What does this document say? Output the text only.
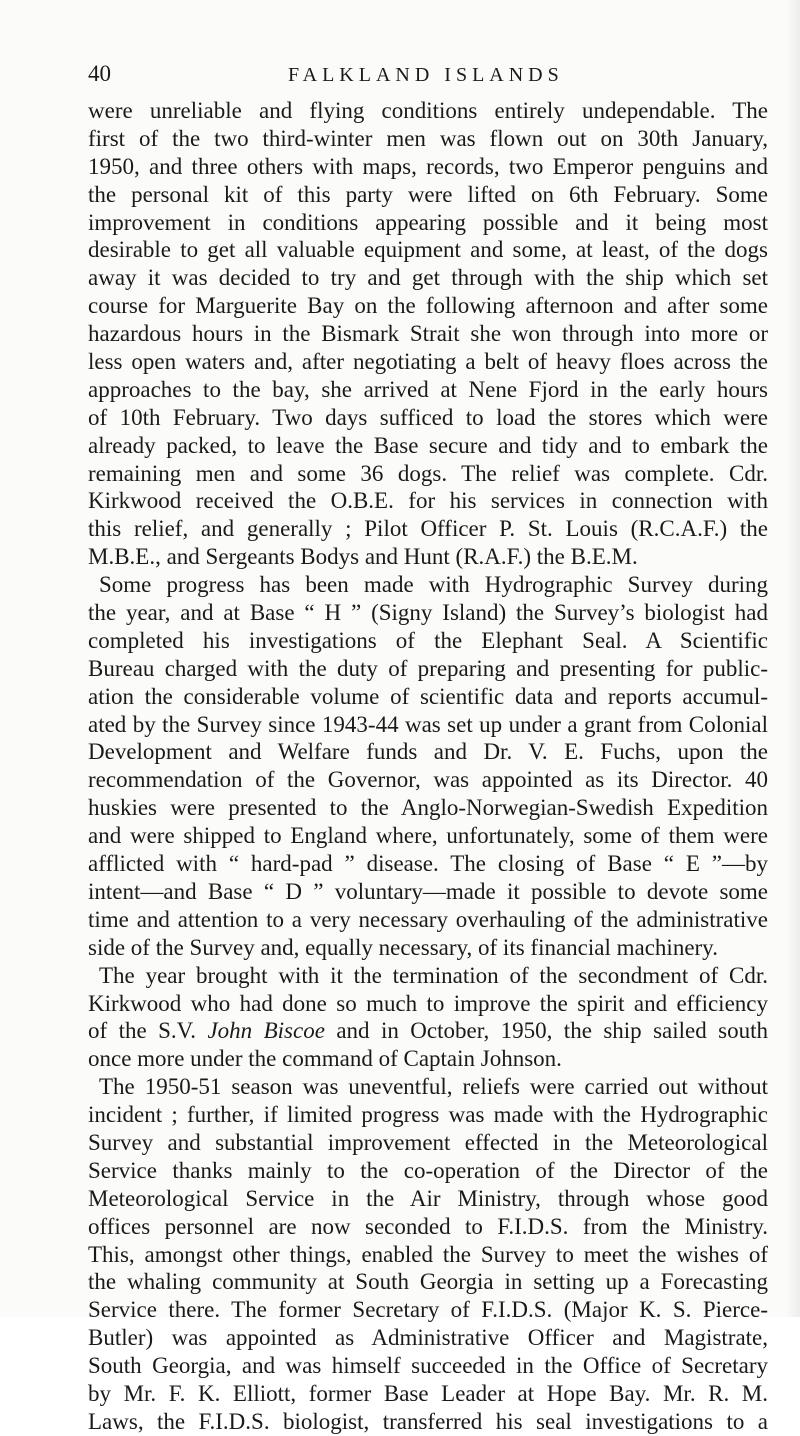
40	FALKLAND ISLANDS
were unreliable and flying conditions entirely undependable. The
first of the two third-winter men was flown out on 30th January,
1950, and three others with maps, records, two Emperor penguins and
the personal kit of this party were lifted on 6th February. Some
improvement in conditions appearing possible and it being most
desirable to get all valuable equipment and some, at least, of the dogs
away it was decided to try and get through with the ship which set
course for Marguerite Bay on the following afternoon and after some
hazardous hours in the Bismark Strait she won through into more or
less open waters and, after negotiating a belt of heavy floes across the
approaches to the bay, she arrived at Nene Fjord in the early hours
of 10th February. Two days sufficed to load the stores which were
already packed, to leave the Base secure and tidy and to embark the
remaining men and some 36 dogs. The relief was complete. Cdr.
Kirkwood received the O.B.E. for his services in connection with
this relief, and generally ; Pilot Officer P. St. Louis (R.C.A.F.) the
M.B.E., and Sergeants Bodys and Hunt (R.A.F.) the B.E.M.
Some progress has been made with Hydrographic Survey during
the year, and at Base “ H ” (Signy Island) the Survey’s biologist had
completed his investigations of the Elephant Seal. A Scientific
Bureau charged with the duty of preparing and presenting for public-
ation the considerable volume of scientific data and reports accumul-
ated by the Survey since 1943-44 was set up under a grant from Colonial
Development and Welfare funds and Dr. V. E. Fuchs, upon the
recommendation of the Governor, was appointed as its Director. 40
huskies were presented to the Anglo-Norwegian-Swedish Expedition
and were shipped to England where, unfortunately, some of them were
afflicted with “ hard-pad ” disease. The closing of Base “ E ”—by
intent—and Base “ D ” voluntary—made it possible to devote some
time and attention to a very necessary overhauling of the administrative
side of the Survey and, equally necessary, of its financial machinery.
The year brought with it the termination of the secondment of Cdr.
Kirkwood who had done so much to improve the spirit and efficiency
of the S.V. John Biscoe and in October, 1950, the ship sailed south
once more under the command of Captain Johnson.
The 1950-51 season was uneventful, reliefs were carried out without
incident ; further, if limited progress was made with the Hydrographic
Survey and substantial improvement effected in the Meteorological
Service thanks mainly to the co-operation of the Director of the
Meteorological Service in the Air Ministry, through whose good
offices personnel are now seconded to F.I.D.S. from the Ministry.
This, amongst other things, enabled the Survey to meet the wishes of
the whaling community at South Georgia in setting up a Forecasting
Service there. The former Secretary of F.I.D.S. (Major K. S. Pierce-
Butler) was appointed as Administrative Officer and Magistrate,
South Georgia, and was himself succeeded in the Office of Secretary
by Mr. F. K. Elliott, former Base Leader at Hope Bay. Mr. R. M.
Laws, the F.I.D.S. biologist, transferred his seal investigations to a
